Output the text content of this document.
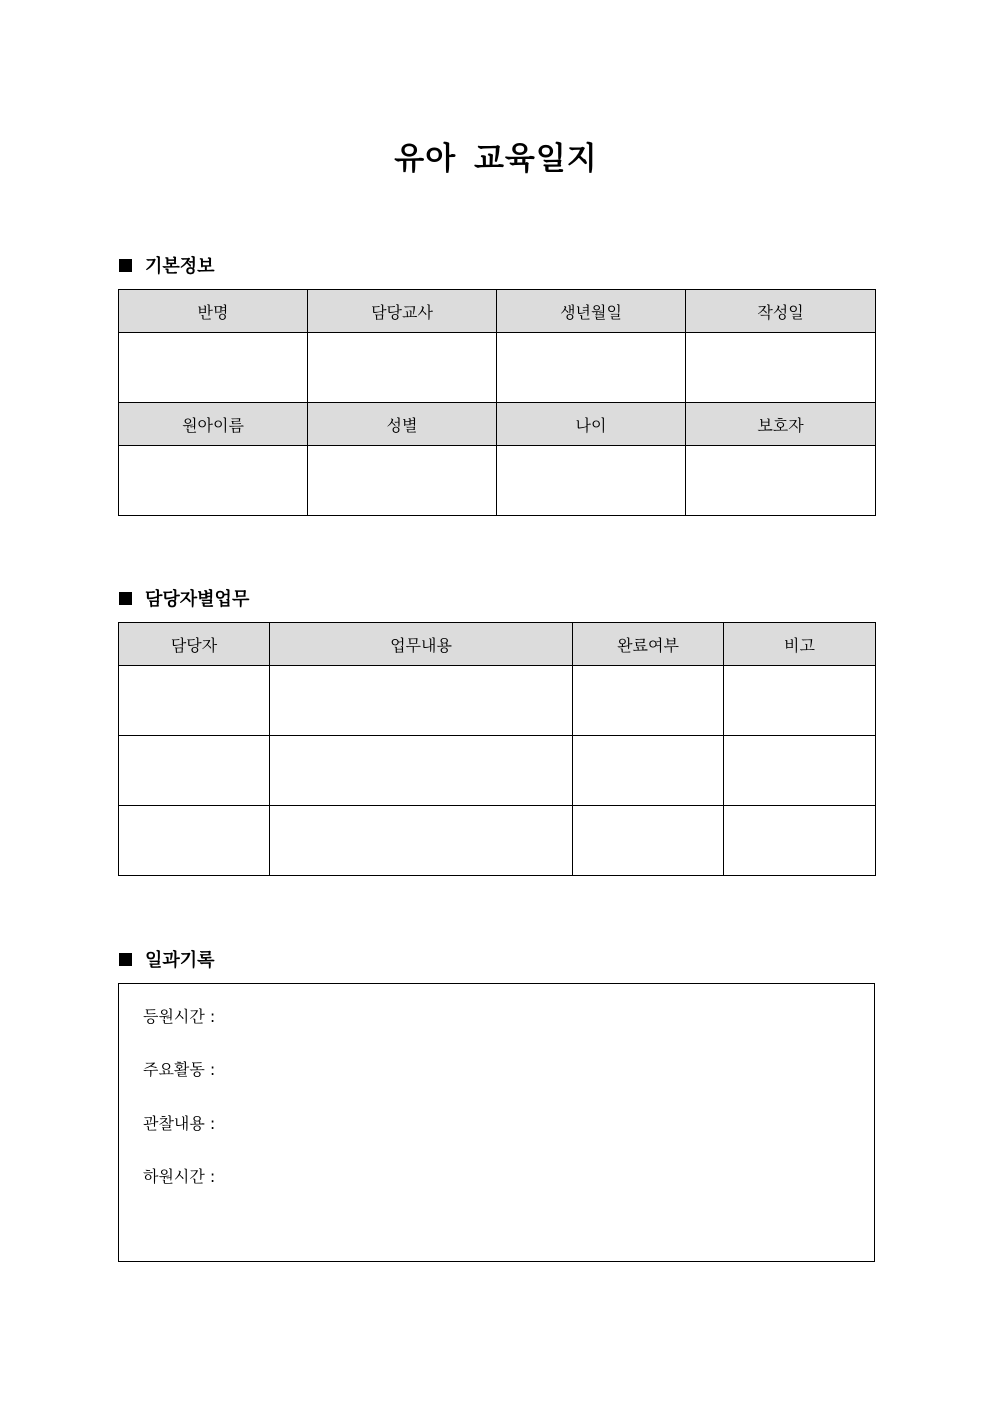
유아 교육일지
기본정보
반명	담당교사	생년월일	작성일

원아이름	성별	나이	보호자

담당자별업무
담당자	업무내용	완료여부	비고

일과기록
등원시간 :
주요활동 :
관찰내용 :
하원시간 :
